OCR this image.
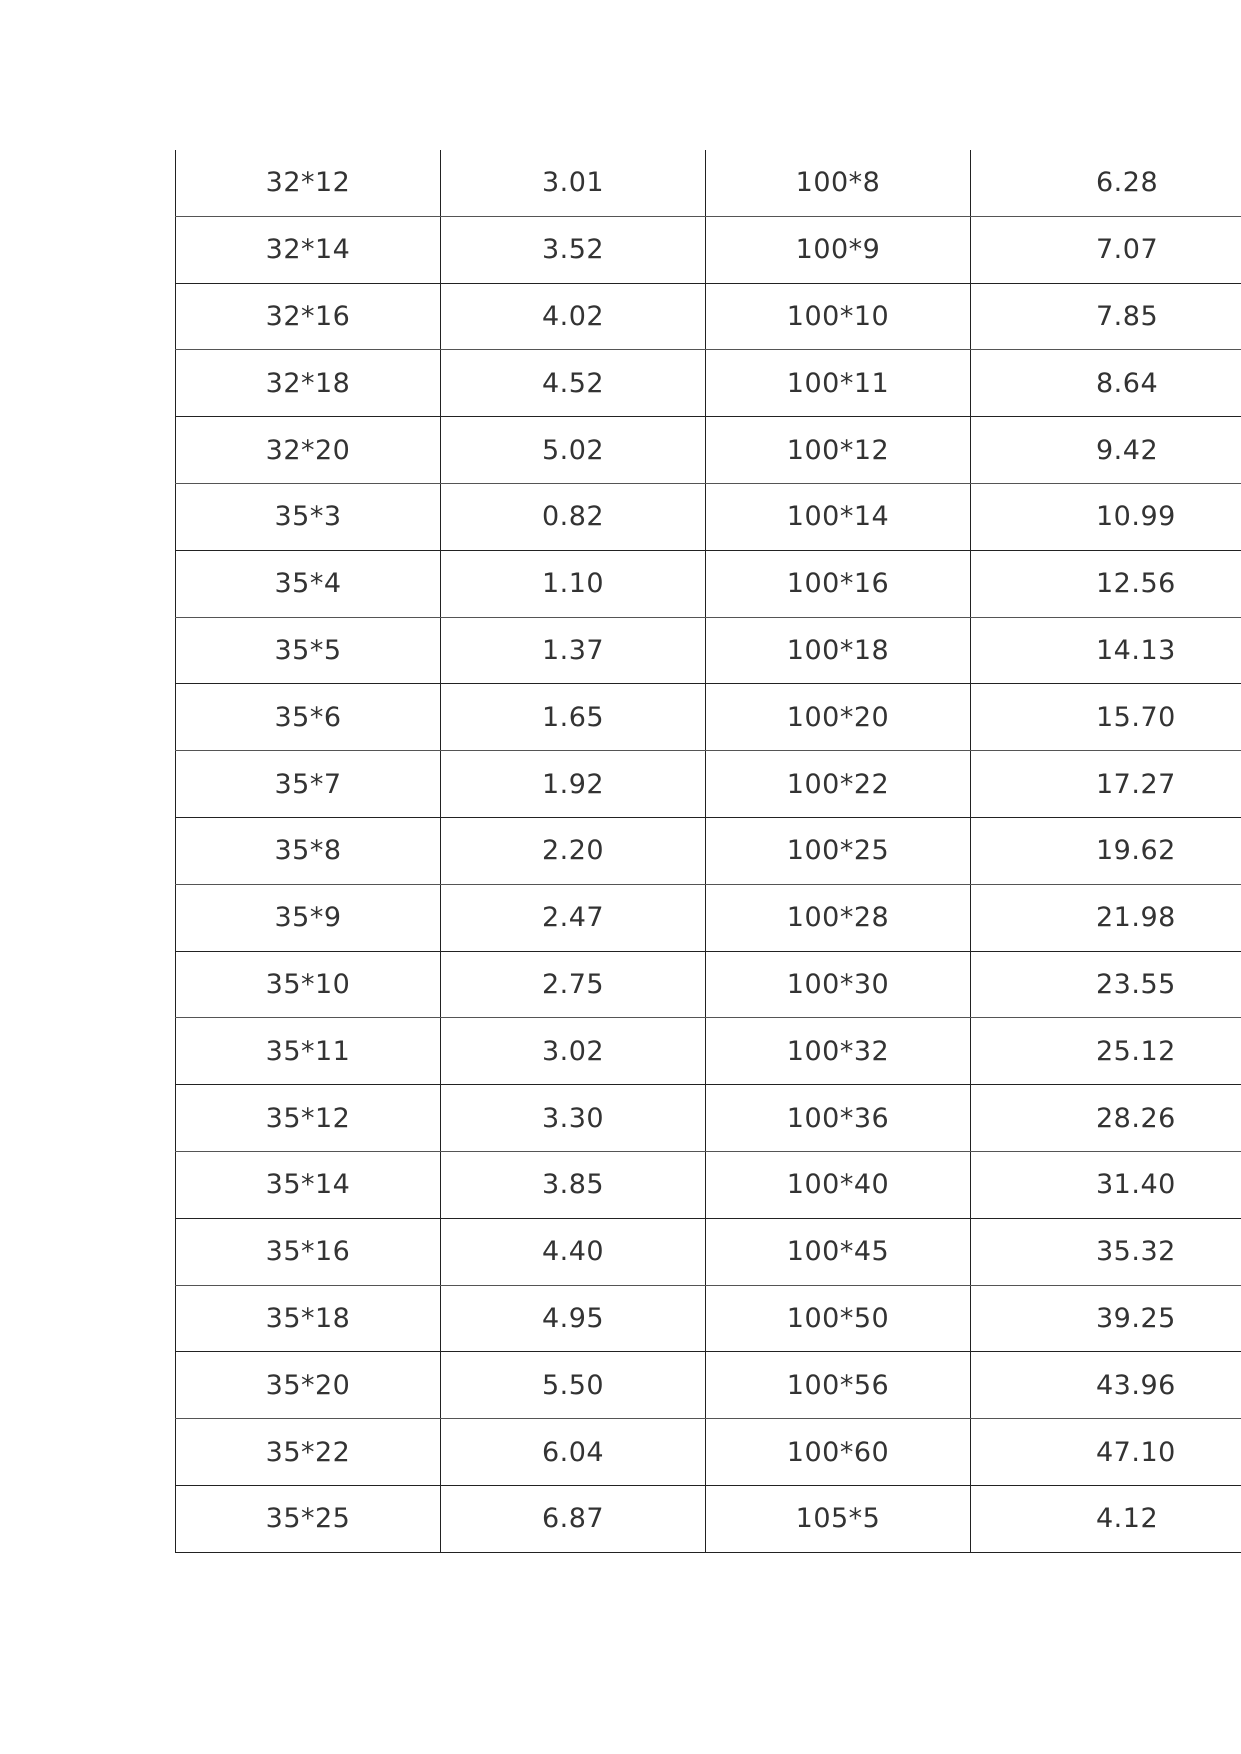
32*12	3.01	100*8	6.28
32*14	3.52	100*9	7.07
32*16	4.02	100*10	7.85
32*18	4.52	100*11	8.64
32*20	5.02	100*12	9.42
35*3	0.82	100*14	10.99
35*4	1.10	100*16	12.56
35*5	1.37	100*18	14.13
35*6	1.65	100*20	15.70
35*7	1.92	100*22	17.27
35*8	2.20	100*25	19.62
35*9	2.47	100*28	21.98
35*10	2.75	100*30	23.55
35*11	3.02	100*32	25.12
35*12	3.30	100*36	28.26
35*14	3.85	100*40	31.40
35*16	4.40	100*45	35.32
35*18	4.95	100*50	39.25
35*20	5.50	100*56	43.96
35*22	6.04	100*60	47.10
35*25	6.87	105*5	4.12
